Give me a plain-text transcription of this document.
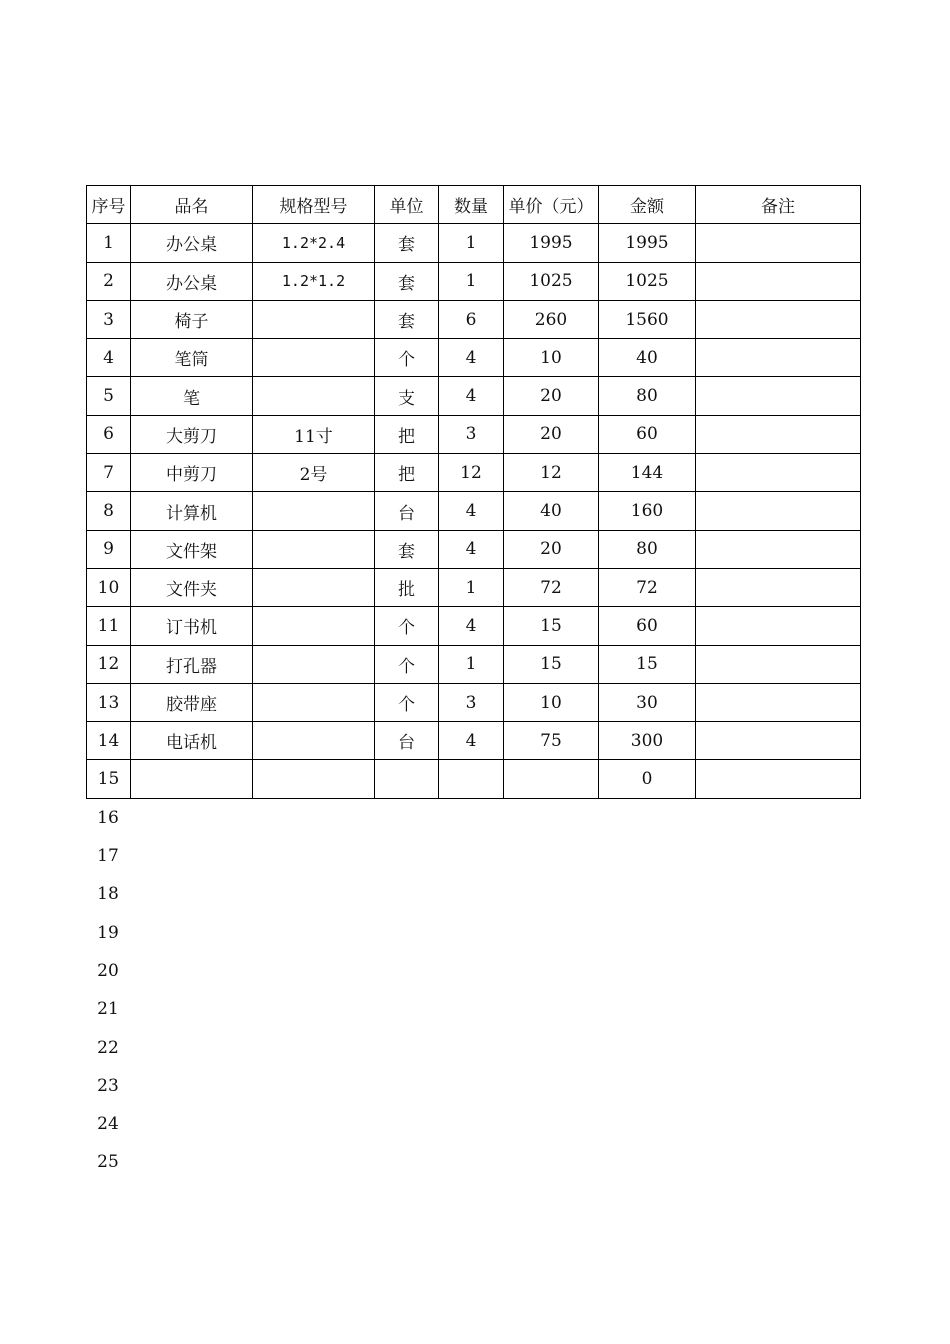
序号	品名	规格型号	单位	数量	单价（元）	金额	备注
1	办公桌	1.2*2.4	套	1	1995	1995	
2	办公桌	1.2*1.2	套	1	1025	1025	
3	椅子		套	6	260	1560	
4	笔筒		个	4	10	40	
5	笔		支	4	20	80	
6	大剪刀	11寸	把	3	20	60	
7	中剪刀	2号	把	12	12	144	
8	计算机		台	4	40	160	
9	文件架		套	4	20	80	
10	文件夹		批	1	72	72	
11	订书机		个	4	15	60	
12	打孔器		个	1	15	15	
13	胶带座		个	3	10	30	
14	电话机		台	4	75	300	
15						0	
16
17
18
19
20
21
22
23
24
25
